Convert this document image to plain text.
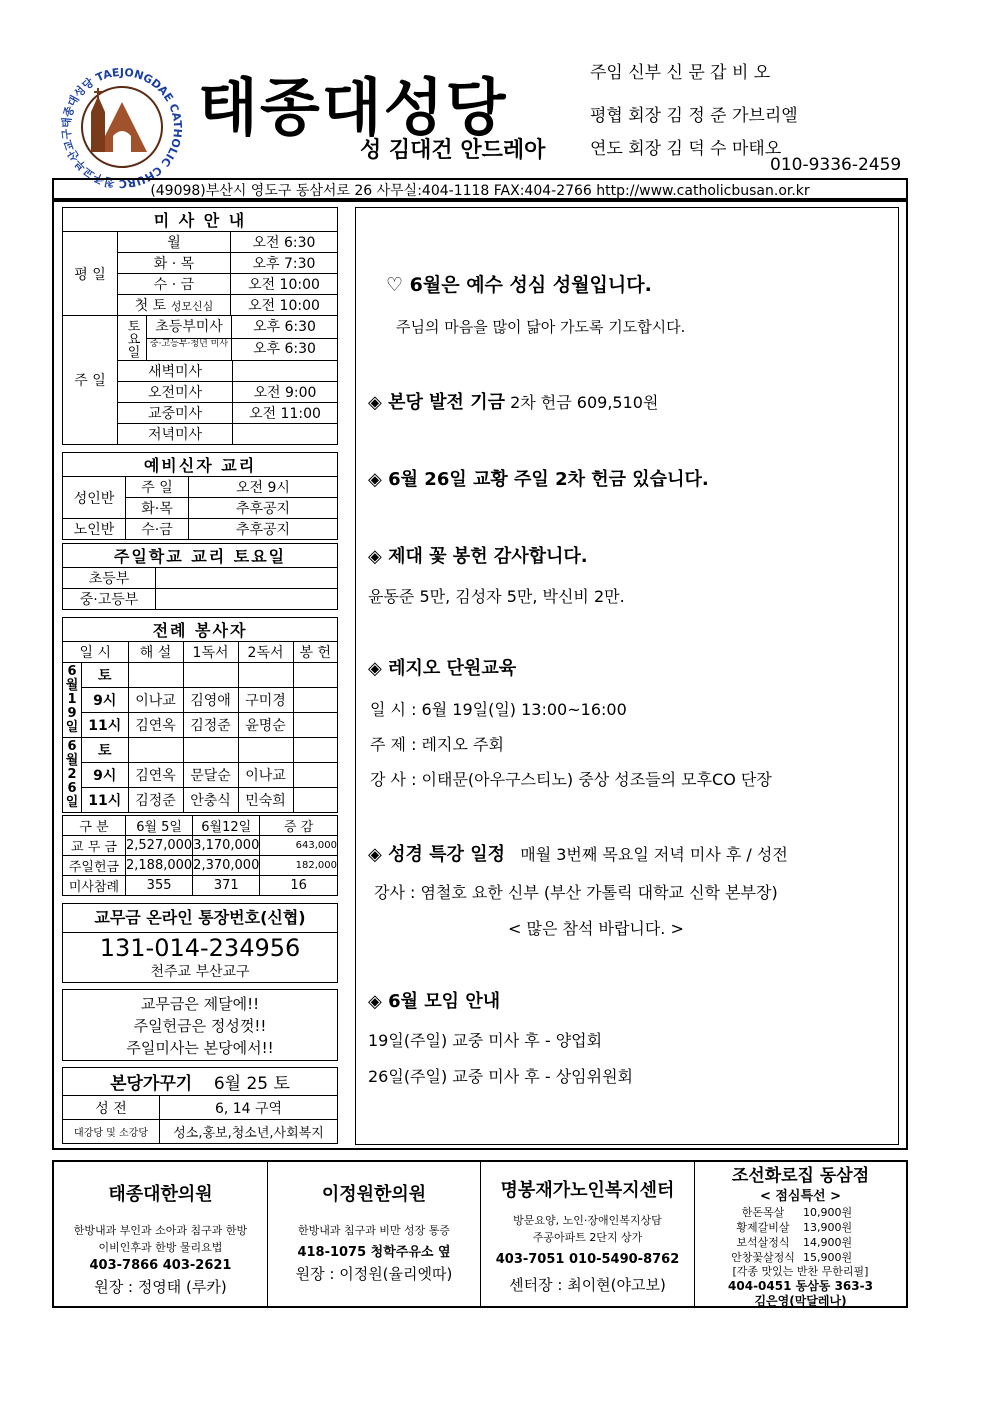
천주교부산교구태종대성당 TAEJONGDAE CATHOLIC CHURC
태종대성당
성 김대건 안드레아
주임 신부 신 문 갑 비 오
평협 회장 김 정 준 가브리엘
연도 회장 김 덕 수 마태오
010-9336-2459
(49098)부산시 영도구 동삼서로 26 사무실:404-1118 FAX:404-2766 http://www.catholicbusan.or.kr
미 사 안 내		
평 일	월 오전 6:30	

	화 · 목 오후 7:30	

	수 · 금 오전 10:00	

	첫 토 성모신심 오전 10:00	

주 일	토요일 초등부미사 오후 6:30
중·고등부·청년 미사 오후 6:30	

	새벽미사	
	오전미사	오전 9:00
	교중미사	오전 11:00
	저녁미사	
예비신자 교리		
성인반	주 일	오전 9시
	화·목	추후공지
노인반	수·금	추후공지
주일학교 교리 토요일	
초등부	
중·고등부	
전례 봉사자					
일 시		해 설	1독서	2독서	봉 헌
6월19일	토				
	9시	이나교	김영애	구미경	
	11시	김연옥	김정준	윤명순	
6월26일	토				
	9시	김연옥	문달순	이나교	
	11시	김정준	안충식	민숙희	
구 분	6월 5일	6월12일	증 감
교 무 금	2,527,000	3,170,000	643,000
주일헌금	2,188,000	2,370,000	182,000
미사참례	355	371	16
교무금 온라인 통장번호(신협)
131-014-234956
천주교 부산교구
교무금은 제달에!!
주일헌금은 정성껏!!
주일미사는 본당에서!!
본당가꾸기 6월 25 토	
성 전	6, 14 구역
대강당 및 소강당	성소,홍보,청소년,사회복지
♡ 6월은 예수 성심 성월입니다.
주님의 마음을 많이 닮아 가도록 기도합시다.
◈ 본당 발전 기금 2차 헌금 609,510원
◈ 6월 26일 교황 주일 2차 헌금 있습니다.
◈ 제대 꽃 봉헌 감사합니다.
윤동준 5만, 김성자 5만, 박신비 2만.
◈ 레지오 단원교육
일 시 : 6월 19일(일) 13:00~16:00
주 제 : 레지오 주회
강 사 : 이태문(아우구스티노) 중상 성조들의 모후CO 단장
◈ 성경 특강 일정 매월 3번째 목요일 저녁 미사 후 / 성전
강사 : 염철호 요한 신부 (부산 가톨릭 대학교 신학 본부장)
< 많은 참석 바랍니다. >
◈ 6월 모임 안내
19일(주일) 교중 미사 후 - 양업회
26일(주일) 교중 미사 후 - 상임위원회
태종대한의원
한방내과 부인과 소아과 침구과 한방
이비인후과 한방 물리요법
403-7866 403-2621
원장 : 정영태 (루카)
이정원한의원
한방내과 침구과 비만 성장 통증
418-1075 청학주유소 옆
원장 : 이정원(율리엣따)
명봉재가노인복지센터
방문요양, 노인·장애인복지상담
주공아파트 2단지 상가
403-7051 010-5490-8762
센터장 : 최이현(야고보)
조선화로집 동삼점
< 점심특선 >
한돈목살	10,900원
황제갈비살	13,900원
보석살정식	14,900원
안창꽃살정식 15,900원
[각종 맛있는 반찬 무한리필]
404-0451 동삼동 363-3
김은영(막달레나)
